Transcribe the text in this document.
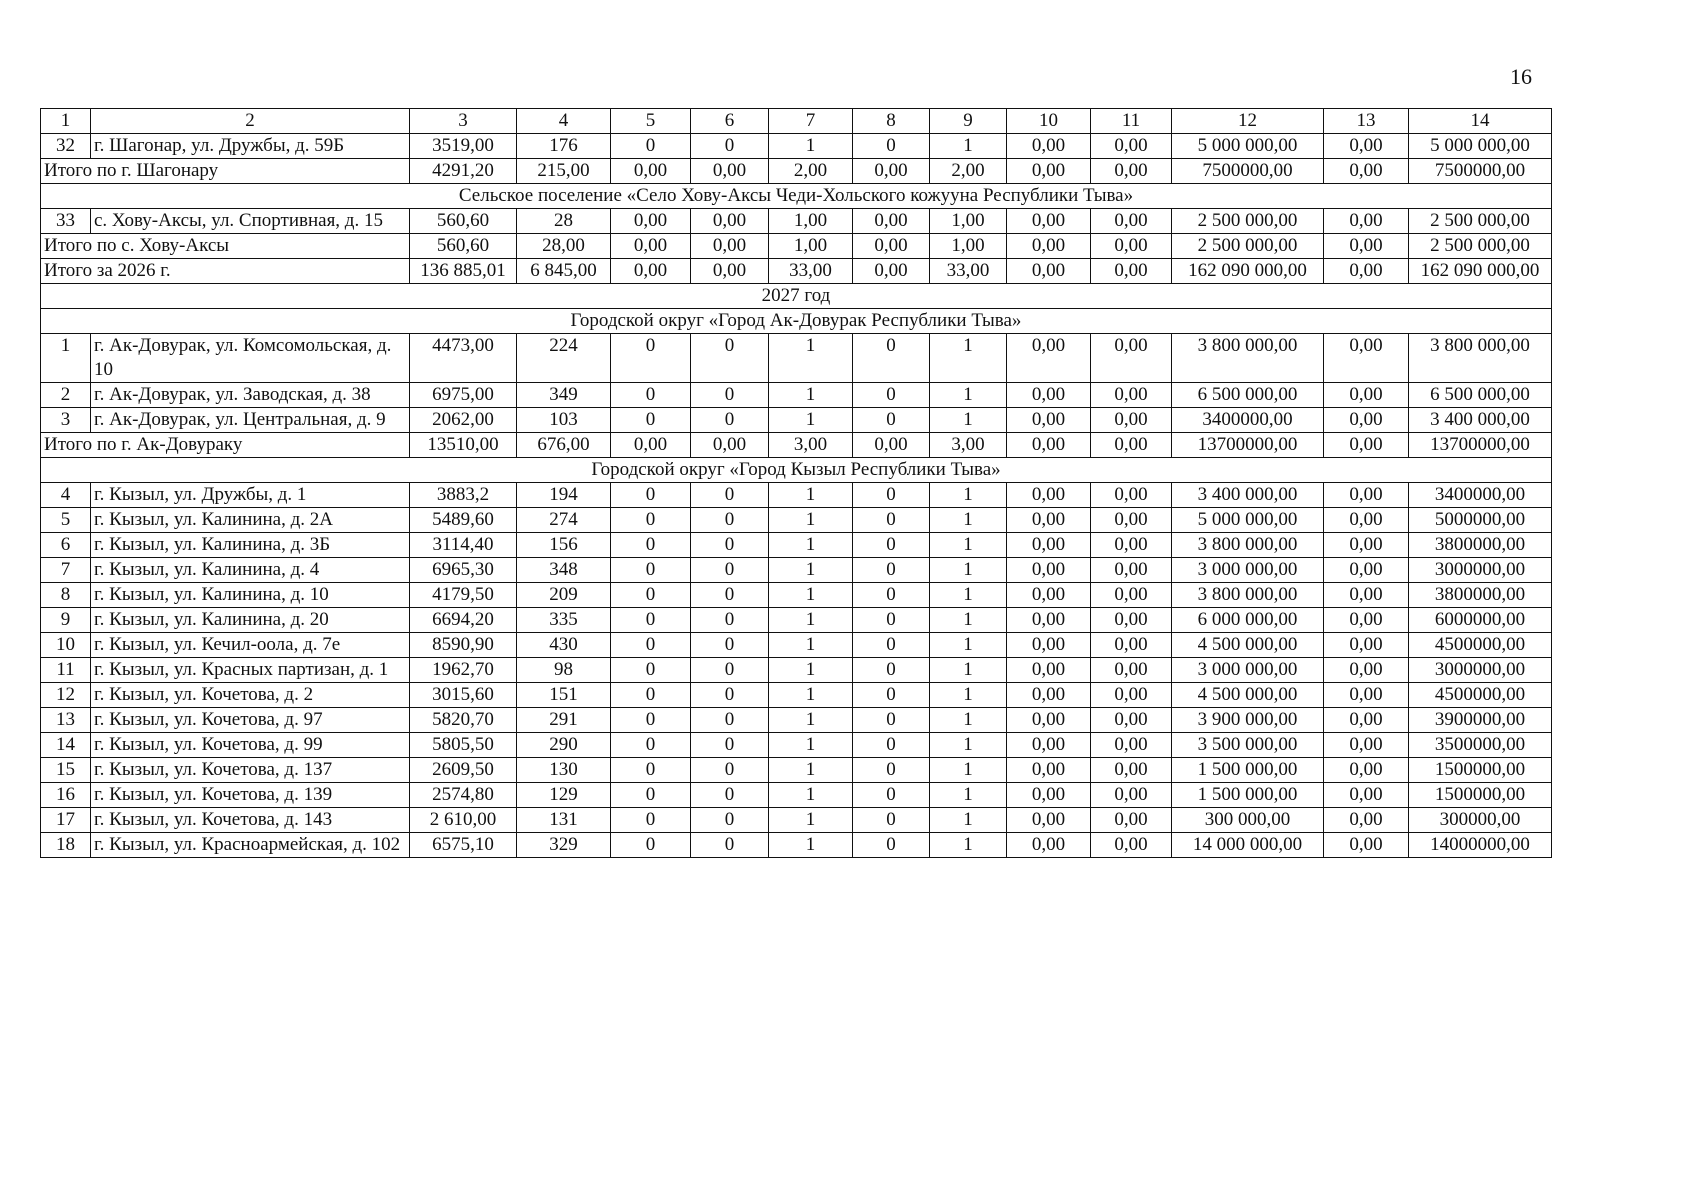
16
1	2	3	4	5	6	7	8	9	10	11	12	13	14
32	г. Шагонар, ул. Дружбы, д. 59Б	3519,00	176	0	0	1	0	1	0,00	0,00	5 000 000,00	0,00	5 000 000,00
Итого по г. Шагонару		4291,20	215,00	0,00	0,00	2,00	0,00	2,00	0,00	0,00	7500000,00	0,00	7500000,00
Сельское поселение «Село Хову-Аксы Чеди-Хольского кожууна Республики Тыва»													
33	с. Хову-Аксы, ул. Спортивная, д. 15	560,60	28	0,00	0,00	1,00	0,00	1,00	0,00	0,00	2 500 000,00	0,00	2 500 000,00
Итого по с. Хову-Аксы		560,60	28,00	0,00	0,00	1,00	0,00	1,00	0,00	0,00	2 500 000,00	0,00	2 500 000,00
Итого за 2026 г.		136 885,01	6 845,00	0,00	0,00	33,00	0,00	33,00	0,00	0,00	162 090 000,00	0,00	162 090 000,00
2027 год													
Городской округ «Город Ак-Довурак Республики Тыва»													
1	г. Ак-Довурак, ул. Комсомольская, д. 10	4473,00	224	0	0	1	0	1	0,00	0,00	3 800 000,00	0,00	3 800 000,00
2	г. Ак-Довурак, ул. Заводская, д. 38	6975,00	349	0	0	1	0	1	0,00	0,00	6 500 000,00	0,00	6 500 000,00
3	г. Ак-Довурак, ул. Центральная, д. 9	2062,00	103	0	0	1	0	1	0,00	0,00	3400000,00	0,00	3 400 000,00
Итого по г. Ак-Довураку		13510,00	676,00	0,00	0,00	3,00	0,00	3,00	0,00	0,00	13700000,00	0,00	13700000,00
Городской округ «Город Кызыл Республики Тыва»													
4	г. Кызыл, ул. Дружбы, д. 1	3883,2	194	0	0	1	0	1	0,00	0,00	3 400 000,00	0,00	3400000,00
5	г. Кызыл, ул. Калинина, д. 2А	5489,60	274	0	0	1	0	1	0,00	0,00	5 000 000,00	0,00	5000000,00
6	г. Кызыл, ул. Калинина, д. 3Б	3114,40	156	0	0	1	0	1	0,00	0,00	3 800 000,00	0,00	3800000,00
7	г. Кызыл, ул. Калинина, д. 4	6965,30	348	0	0	1	0	1	0,00	0,00	3 000 000,00	0,00	3000000,00
8	г. Кызыл, ул. Калинина, д. 10	4179,50	209	0	0	1	0	1	0,00	0,00	3 800 000,00	0,00	3800000,00
9	г. Кызыл, ул. Калинина, д. 20	6694,20	335	0	0	1	0	1	0,00	0,00	6 000 000,00	0,00	6000000,00
10	г. Кызыл, ул. Кечил-оола, д. 7е	8590,90	430	0	0	1	0	1	0,00	0,00	4 500 000,00	0,00	4500000,00
11	г. Кызыл, ул. Красных партизан, д. 1	1962,70	98	0	0	1	0	1	0,00	0,00	3 000 000,00	0,00	3000000,00
12	г. Кызыл, ул. Кочетова, д. 2	3015,60	151	0	0	1	0	1	0,00	0,00	4 500 000,00	0,00	4500000,00
13	г. Кызыл, ул. Кочетова, д. 97	5820,70	291	0	0	1	0	1	0,00	0,00	3 900 000,00	0,00	3900000,00
14	г. Кызыл, ул. Кочетова, д. 99	5805,50	290	0	0	1	0	1	0,00	0,00	3 500 000,00	0,00	3500000,00
15	г. Кызыл, ул. Кочетова, д. 137	2609,50	130	0	0	1	0	1	0,00	0,00	1 500 000,00	0,00	1500000,00
16	г. Кызыл, ул. Кочетова, д. 139	2574,80	129	0	0	1	0	1	0,00	0,00	1 500 000,00	0,00	1500000,00
17	г. Кызыл, ул. Кочетова, д. 143	2 610,00	131	0	0	1	0	1	0,00	0,00	300 000,00	0,00	300000,00
18	г. Кызыл, ул. Красноармейская, д. 102	6575,10	329	0	0	1	0	1	0,00	0,00	14 000 000,00	0,00	14000000,00
